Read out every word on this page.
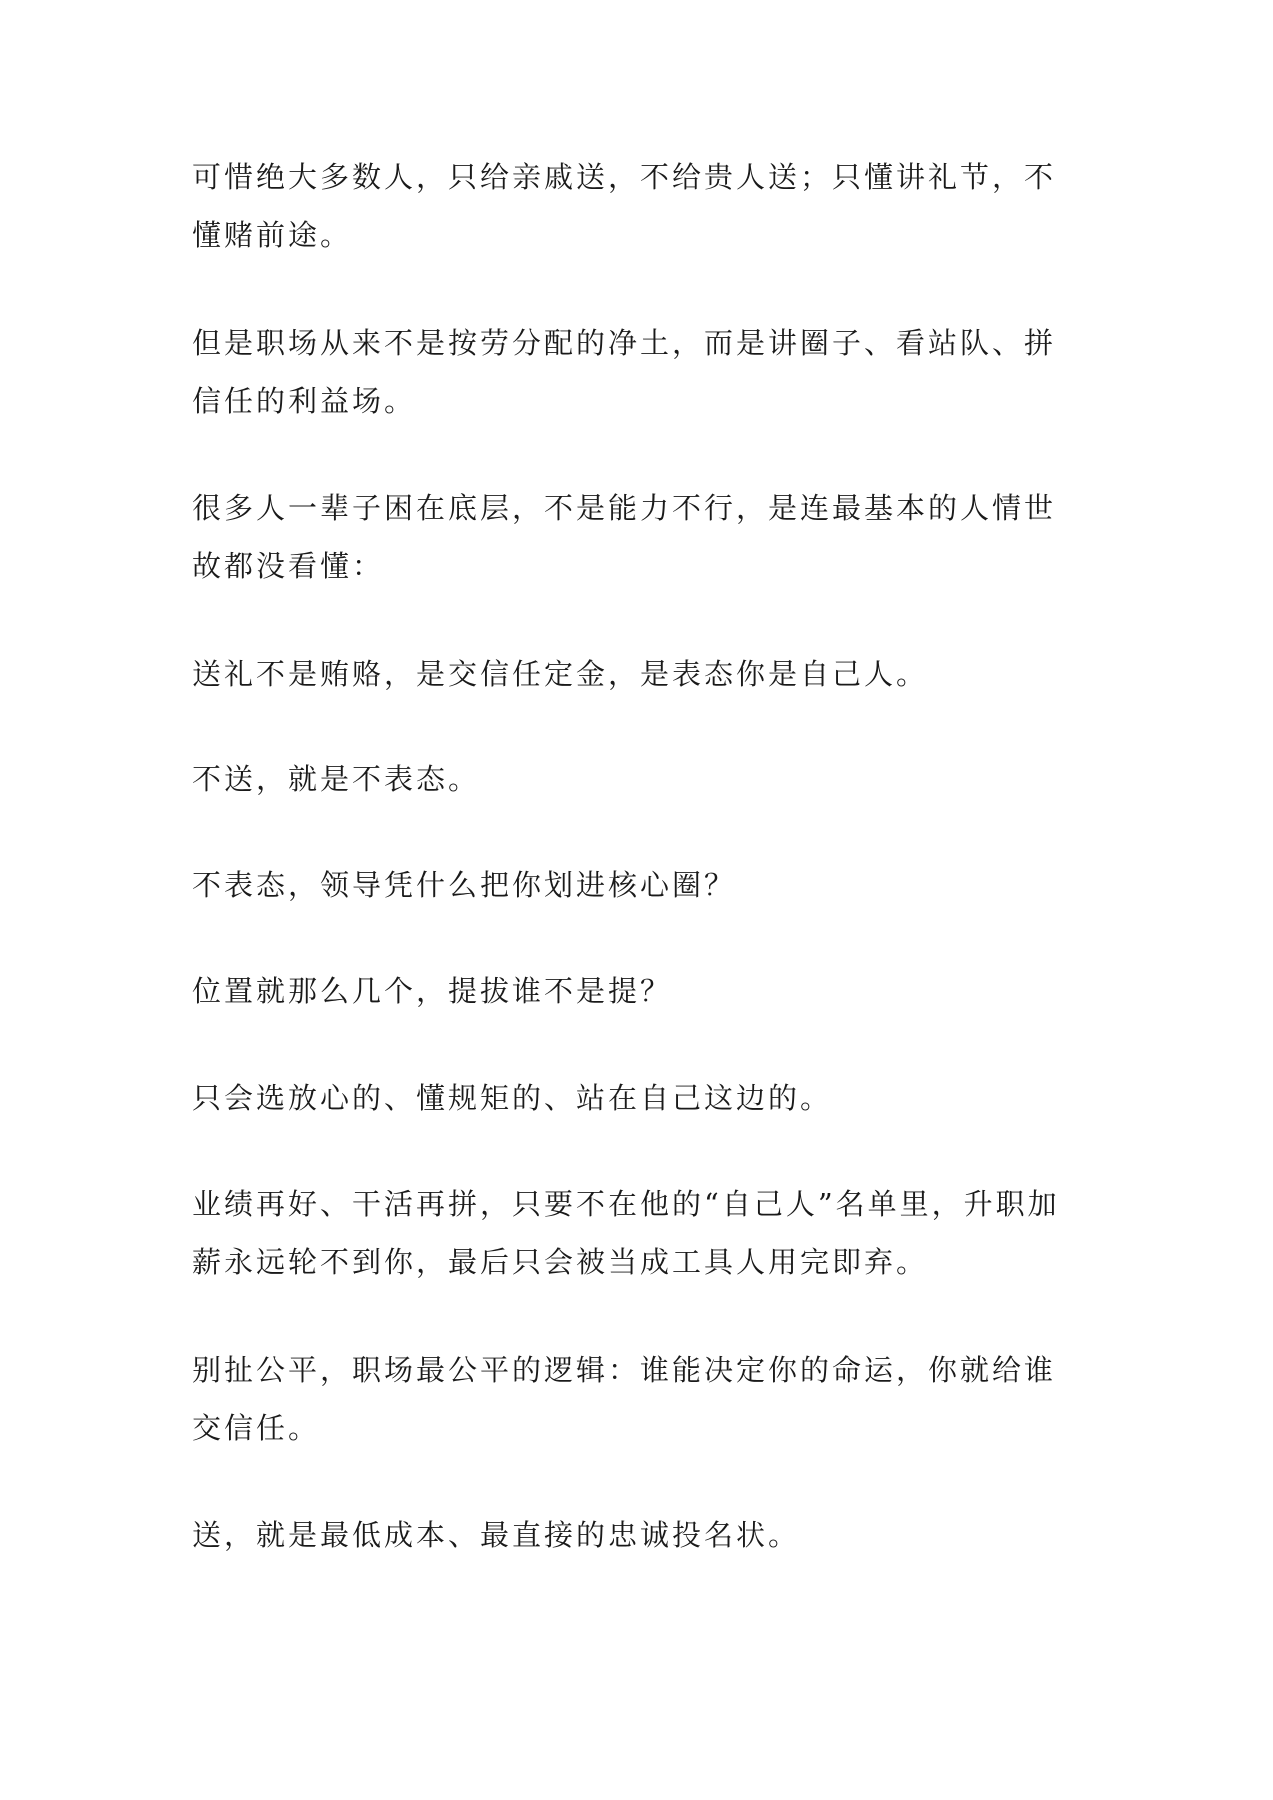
可惜绝大多数人，只给亲戚送，不给贵人送；只懂讲礼节，不懂赌前途。

但是职场从来不是按劳分配的净土，而是讲圈子、看站队、拼信任的利益场。

很多人一辈子困在底层，不是能力不行，是连最基本的人情世故都没看懂：

送礼不是贿赂，是交信任定金，是表态你是自己人。

不送，就是不表态。

不表态，领导凭什么把你划进核心圈？

位置就那么几个，提拔谁不是提？

只会选放心的、懂规矩的、站在自己这边的。

业绩再好、干活再拼，只要不在他的“自己人”名单里，升职加薪永远轮不到你，最后只会被当成工具人用完即弃。

别扯公平，职场最公平的逻辑：谁能决定你的命运，你就给谁交信任。

送，就是最低成本、最直接的忠诚投名状。
